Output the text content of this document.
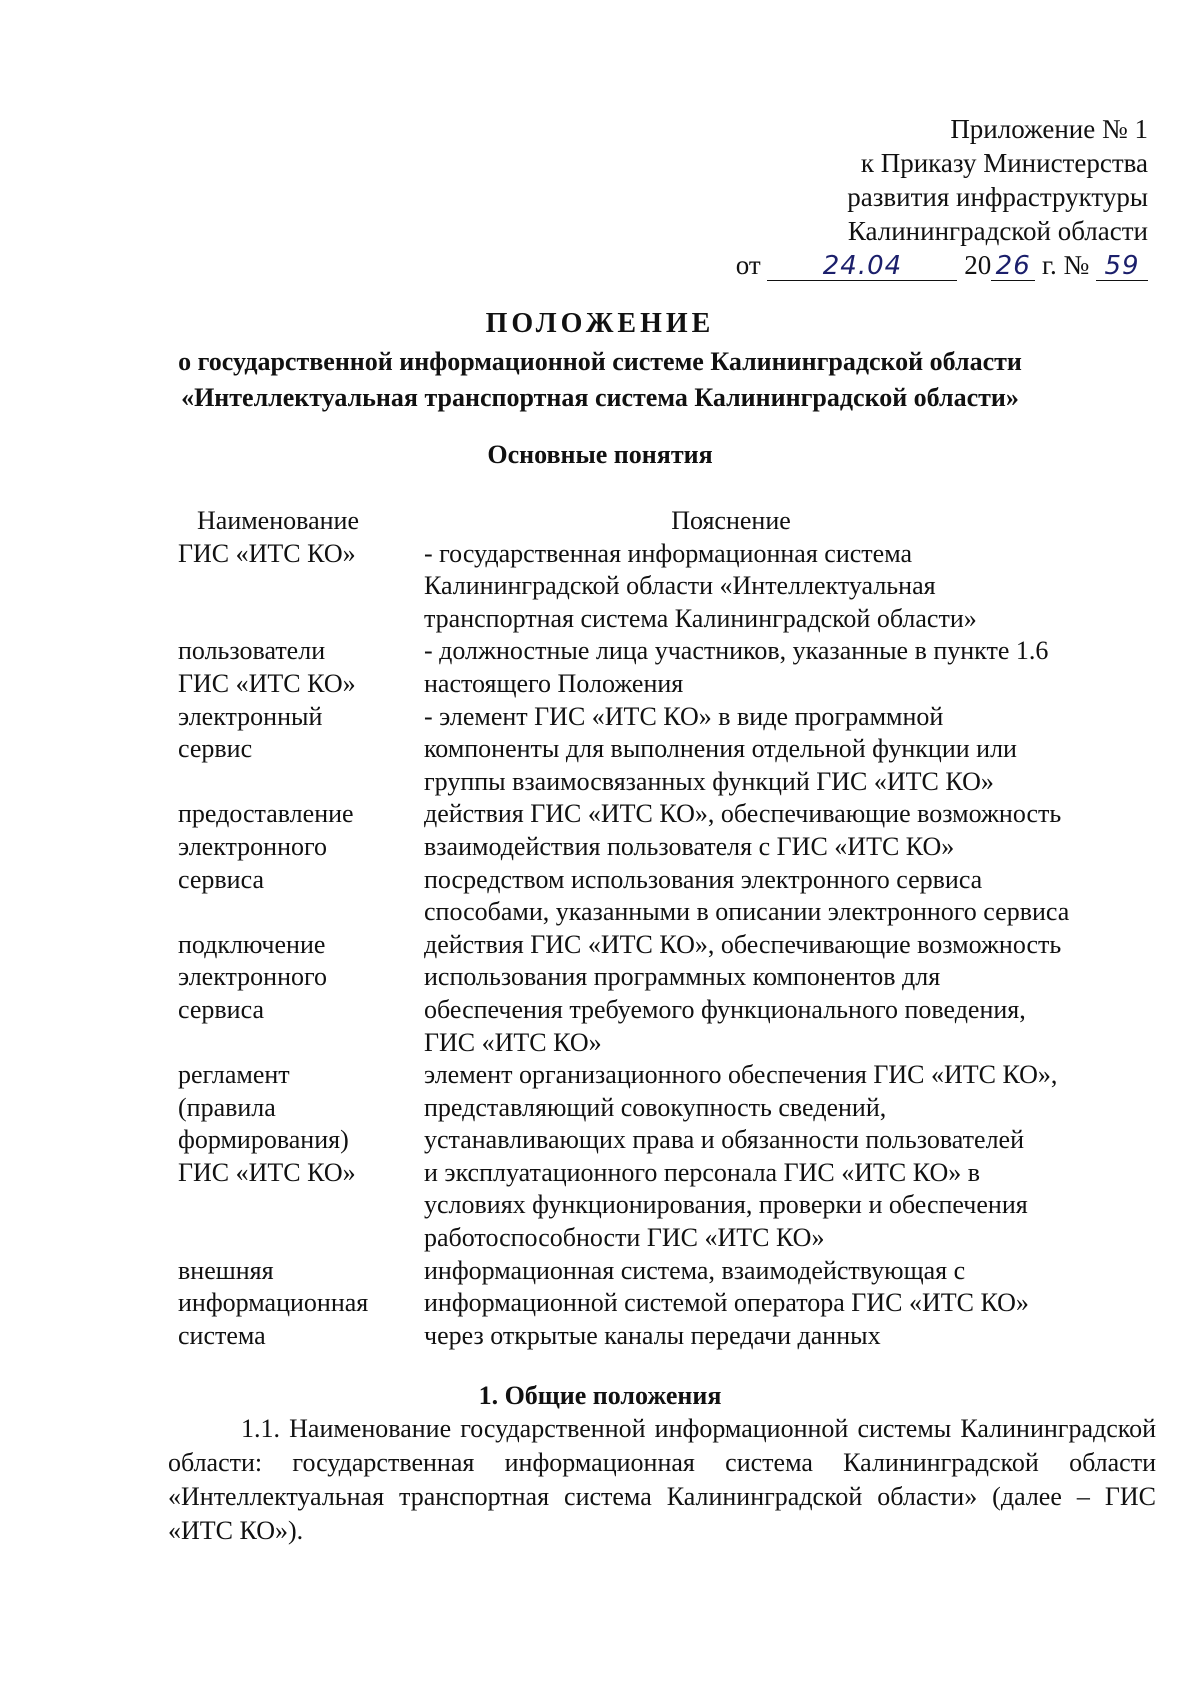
Приложение № 1
к Приказу Министерства
развития инфраструктуры
Калининградской области
от 24.04 20 26 г. № 59
ПОЛОЖЕНИЕ
о государственной информационной системе Калининградской области
«Интеллектуальная транспортная система Калининградской области»
Основные понятия
Наименование	Пояснение
ГИС «ИТС КО»	- государственная информационная система
Калининградской области «Интеллектуальная
транспортная система Калининградской области»
пользователи
ГИС «ИТС КО»
- должностные лица участников, указанные в пункте 1.6
настоящего Положения
электронный
сервис
- элемент ГИС «ИТС КО» в виде программной
компоненты для выполнения отдельной функции или
группы взаимосвязанных функций ГИС «ИТС КО»
предоставление
электронного
сервиса
действия ГИС «ИТС КО», обеспечивающие возможность
взаимодействия пользователя с ГИС «ИТС КО»
посредством использования электронного сервиса
способами, указанными в описании электронного сервиса
подключение
электронного
сервиса
действия ГИС «ИТС КО», обеспечивающие возможность
использования программных компонентов для
обеспечения требуемого функционального поведения,
ГИС «ИТС КО»
регламент
(правила
формирования)
ГИС «ИТС КО»
элемент организационного обеспечения ГИС «ИТС КО»,
представляющий совокупность сведений,
устанавливающих права и обязанности пользователей
и эксплуатационного персонала ГИС «ИТС КО» в
условиях функционирования, проверки и обеспечения
работоспособности ГИС «ИТС КО»
внешняя
информационная
система
информационная система, взаимодействующая с
информационной системой оператора ГИС «ИТС КО»
через открытые каналы передачи данных
1. Общие положения
1.1. Наименование государственной информационной системы Калининградской области: государственная информационная система Калининградской области «Интеллектуальная транспортная система Калининградской области» (далее – ГИС «ИТС КО»).
